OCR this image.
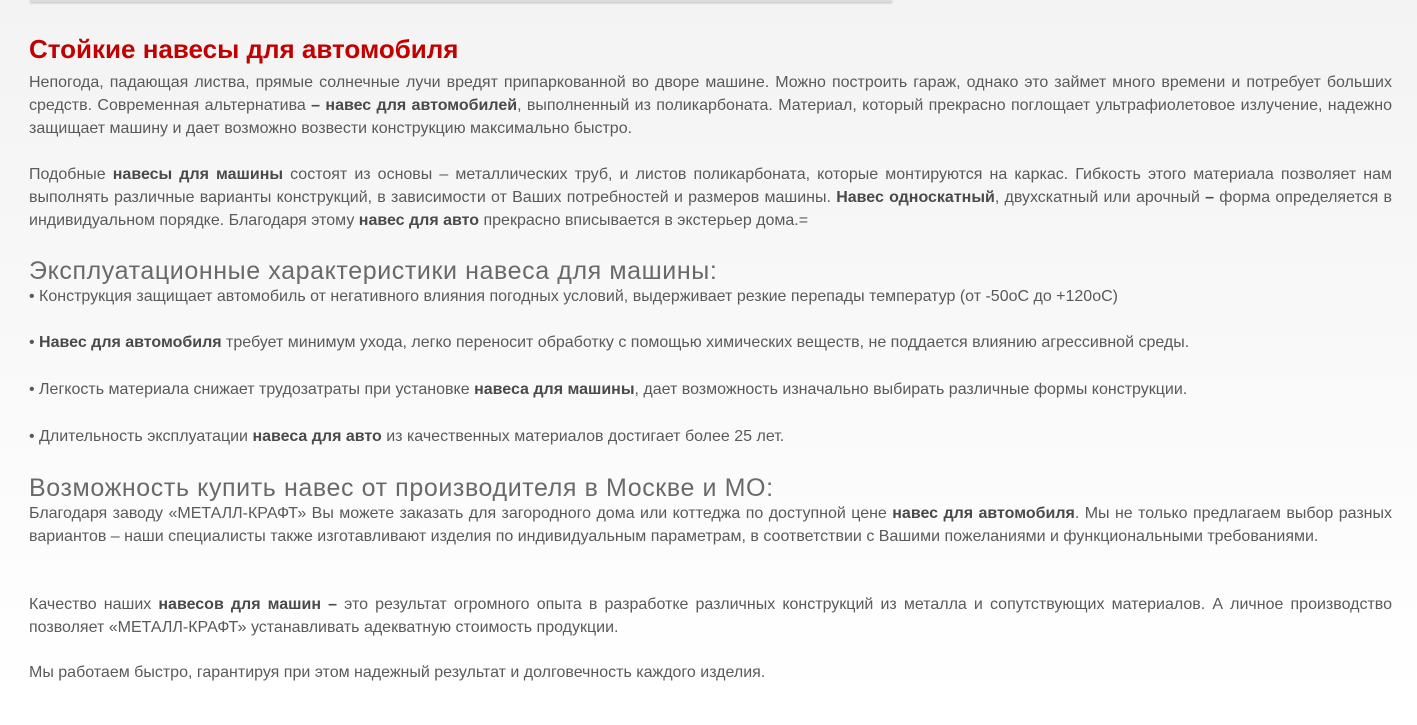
Стойкие навесы для автомобиля

Непогода, падающая листва, прямые солнечные лучи вредят припаркованной во дворе машине. Можно построить гараж, однако это займет много времени и потребует больших средств. Современная альтернатива – навес для автомобилей, выполненный из поликарбоната. Материал, который прекрасно поглощает ультрафиолетовое излучение, надежно защищает машину и дает возможно возвести конструкцию максимально быстро.

Подобные навесы для машины состоят из основы – металлических труб, и листов поликарбоната, которые монтируются на каркас. Гибкость этого материала позволяет нам выполнять различные варианты конструкций, в зависимости от Ваших потребностей и размеров машины. Навес односкатный, двухскатный или арочный – форма определяется в индивидуальном порядке. Благодаря этому навес для авто прекрасно вписывается в экстерьер дома.=

Эксплуатационные характеристики навеса для машины:

• Конструкция защищает автомобиль от негативного влияния погодных условий, выдерживает резкие перепады температур (от -50оС до +120оС)

• Навес для автомобиля требует минимум ухода, легко переносит обработку с помощью химических веществ, не поддается влиянию агрессивной среды.

• Легкость материала снижает трудозатраты при установке навеса для машины, дает возможность изначально выбирать различные формы конструкции.

• Длительность эксплуатации навеса для авто из качественных материалов достигает более 25 лет.

Возможность купить навес от производителя в Москве и МО:

Благодаря заводу «МЕТАЛЛ-КРАФТ» Вы можете заказать для загородного дома или коттеджа по доступной цене навес для автомобиля. Мы не только предлагаем выбор разных вариантов – наши специалисты также изготавливают изделия по индивидуальным параметрам, в соответствии с Вашими пожеланиями и функциональными требованиями.

Качество наших навесов для машин – это результат огромного опыта в разработке различных конструкций из металла и сопутствующих материалов. А личное производство позволяет «МЕТАЛЛ-КРАФТ» устанавливать адекватную стоимость продукции.

Мы работаем быстро, гарантируя при этом надежный результат и долговечность каждого изделия.
